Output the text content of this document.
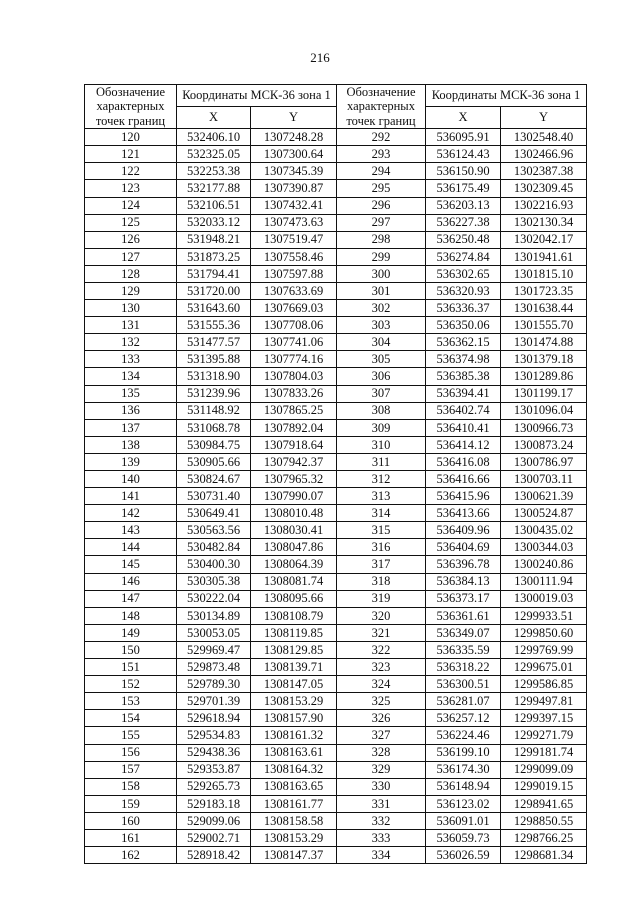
216
Обозначение характерных точек границ	Координаты МСК-36 зона 1		Обозначение характерных точек границ	Координаты МСК-36 зона 1	
	X	Y		X	Y
120	532406.10	1307248.28	292	536095.91	1302548.40
121	532325.05	1307300.64	293	536124.43	1302466.96
122	532253.38	1307345.39	294	536150.90	1302387.38
123	532177.88	1307390.87	295	536175.49	1302309.45
124	532106.51	1307432.41	296	536203.13	1302216.93
125	532033.12	1307473.63	297	536227.38	1302130.34
126	531948.21	1307519.47	298	536250.48	1302042.17
127	531873.25	1307558.46	299	536274.84	1301941.61
128	531794.41	1307597.88	300	536302.65	1301815.10
129	531720.00	1307633.69	301	536320.93	1301723.35
130	531643.60	1307669.03	302	536336.37	1301638.44
131	531555.36	1307708.06	303	536350.06	1301555.70
132	531477.57	1307741.06	304	536362.15	1301474.88
133	531395.88	1307774.16	305	536374.98	1301379.18
134	531318.90	1307804.03	306	536385.38	1301289.86
135	531239.96	1307833.26	307	536394.41	1301199.17
136	531148.92	1307865.25	308	536402.74	1301096.04
137	531068.78	1307892.04	309	536410.41	1300966.73
138	530984.75	1307918.64	310	536414.12	1300873.24
139	530905.66	1307942.37	311	536416.08	1300786.97
140	530824.67	1307965.32	312	536416.66	1300703.11
141	530731.40	1307990.07	313	536415.96	1300621.39
142	530649.41	1308010.48	314	536413.66	1300524.87
143	530563.56	1308030.41	315	536409.96	1300435.02
144	530482.84	1308047.86	316	536404.69	1300344.03
145	530400.30	1308064.39	317	536396.78	1300240.86
146	530305.38	1308081.74	318	536384.13	1300111.94
147	530222.04	1308095.66	319	536373.17	1300019.03
148	530134.89	1308108.79	320	536361.61	1299933.51
149	530053.05	1308119.85	321	536349.07	1299850.60
150	529969.47	1308129.85	322	536335.59	1299769.99
151	529873.48	1308139.71	323	536318.22	1299675.01
152	529789.30	1308147.05	324	536300.51	1299586.85
153	529701.39	1308153.29	325	536281.07	1299497.81
154	529618.94	1308157.90	326	536257.12	1299397.15
155	529534.83	1308161.32	327	536224.46	1299271.79
156	529438.36	1308163.61	328	536199.10	1299181.74
157	529353.87	1308164.32	329	536174.30	1299099.09
158	529265.73	1308163.65	330	536148.94	1299019.15
159	529183.18	1308161.77	331	536123.02	1298941.65
160	529099.06	1308158.58	332	536091.01	1298850.55
161	529002.71	1308153.29	333	536059.73	1298766.25
162	528918.42	1308147.37	334	536026.59	1298681.34
